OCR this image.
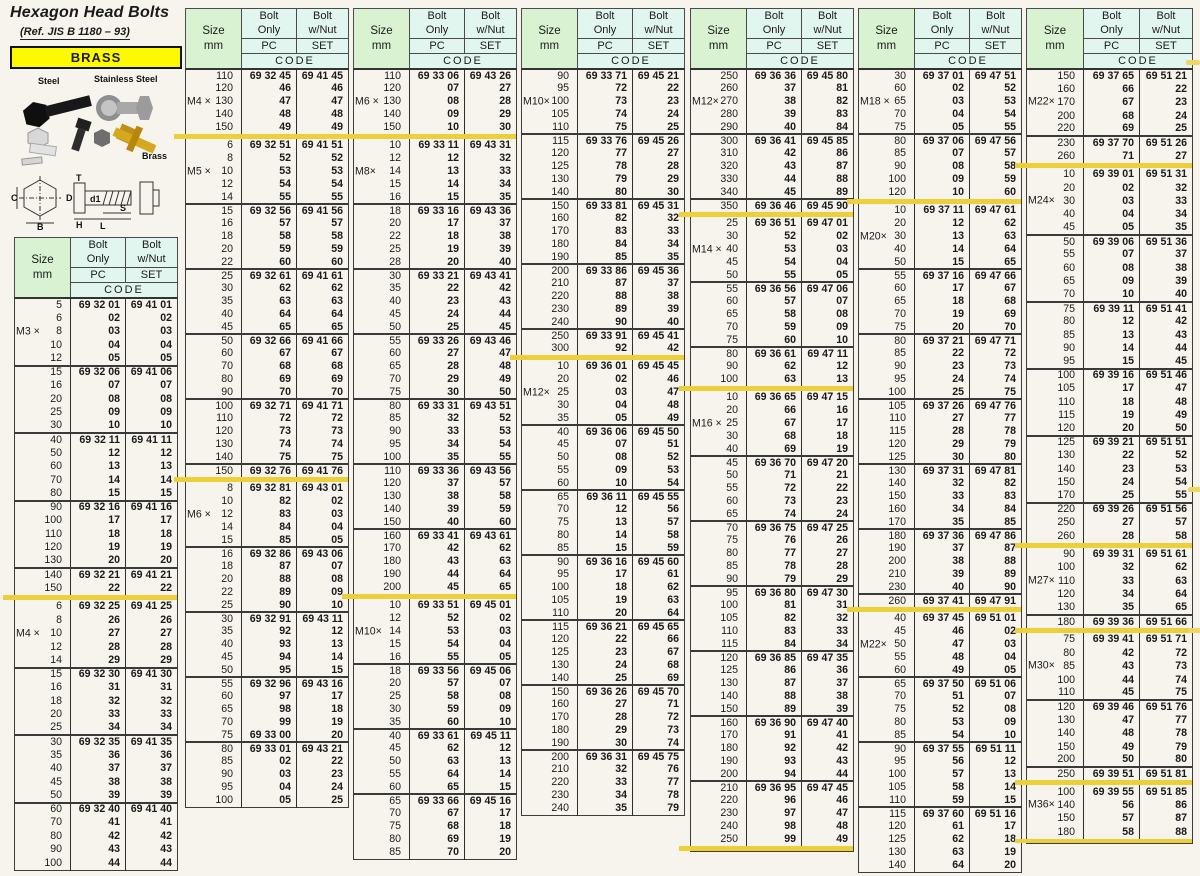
Hexagon Head Bolts
(Ref. JIS B 1180 – 93)
BRASS
Steel	Stainless Steel
Brass
C
B
T
D d1
H L
S
Size
mm	Bolt
Only	Bolt
w/Nut
	PC	SET
	CODE	

5	69 32 01	69 41 01

6	02	02

M3 × 8	03	03

10	04	04

12	05	05

15	69 32 06	69 41 06

16	07	07

20	08	08

25	09	09

30	10	10

40	69 32 11	69 41 11

50	12	12

60	13	13

70	14	14

80	15	15

90	69 32 16	69 41 16

100	17	17

110	18	18

120	19	19

130	20	20

140	69 32 21	69 41 21

150	22	22

6	69 32 25	69 41 25

8	26	26

M4 × 10	27	27

12	28	28

14	29	29

15	69 32 30	69 41 30

16	31	31

18	32	32

20	33	33

25	34	34

30	69 32 35	69 41 35

35	36	36

40	37	37

45	38	38

50	39	39

60	69 32 40	69 41 40

70	41	41

80	42	42

90	43	43

100	44	44
Size
mm	Bolt
Only	Bolt
w/Nut
	PC	SET
	CODE	

110	69 32 45	69 41 45

120	46	46

M4 × 130	47	47

140	48	48

150	49	49

6	69 32 51	69 41 51

8	52	52

M5 × 10	53	53

12	54	54

14	55	55

15	69 32 56	69 41 56

16	57	57

18	58	58

20	59	59

22	60	60

25	69 32 61	69 41 61

30	62	62

35	63	63

40	64	64

45	65	65

50	69 32 66	69 41 66

60	67	67

70	68	68

80	69	69

90	70	70

100	69 32 71	69 41 71

110	72	72

120	73	73

130	74	74

140	75	75

150	69 32 76	69 41 76

8	69 32 81	69 43 01

10	82	02

M6 × 12	83	03

14	84	04

15	85	05

16	69 32 86	69 43 06

18	87	07

20	88	08

22	89	09

25	90	10

30	69 32 91	69 43 11

35	92	12

40	93	13

45	94	14

50	95	15

55	69 32 96	69 43 16

60	97	17

65	98	18

70	99	19

75	69 33 00	20

80	69 33 01	69 43 21

85	02	22

90	03	23

95	04	24

100	05	25
Size
mm	Bolt
Only	Bolt
w/Nut
	PC	SET
	CODE	

110	69 33 06	69 43 26

120	07	27

M6 × 130	08	28

140	09	29

150	10	30

10	69 33 11	69 43 31

12	12	32

M8× 14	13	33

15	14	34

16	15	35

18	69 33 16	69 43 36

20	17	37

22	18	38

25	19	39

28	20	40

30	69 33 21	69 43 41

35	22	42

40	23	43

45	24	44

50	25	45

55	69 33 26	69 43 46

60	27	47

65	28	48

70	29	49

75	30	50

80	69 33 31	69 43 51

85	32	52

90	33	53

95	34	54

100	35	55

110	69 33 36	69 43 56

120	37	57

130	38	58

140	39	59

150	40	60

160	69 33 41	69 43 61

170	42	62

180	43	63

190	44	64

200	45	65

10	69 33 51	69 45 01

12	52	02

M10× 14	53	03

15	54	04

16	55	05

18	69 33 56	69 45 06

20	57	07

25	58	08

30	59	09

35	60	10

40	69 33 61	69 45 11

45	62	12

50	63	13

55	64	14

60	65	15

65	69 33 66	69 45 16

70	67	17

75	68	18

80	69	19

85	70	20
Size
mm	Bolt
Only	Bolt
w/Nut
	PC	SET
	CODE	

90	69 33 71	69 45 21

95	72	22

M10× 100	73	23

105	74	24

110	75	25

115	69 33 76	69 45 26

120	77	27

125	78	28

130	79	29

140	80	30

150	69 33 81	69 45 31

160	82	32

170	83	33

180	84	34

190	85	35

200	69 33 86	69 45 36

210	87	37

220	88	38

230	89	39

240	90	40

250	69 33 91	69 45 41

300	92	42

10	69 36 01	69 45 45

20	02	46

M12× 25	03	47

30	04	48

35	05	49

40	69 36 06	69 45 50

45	07	51

50	08	52

55	09	53

60	10	54

65	69 36 11	69 45 55

70	12	56

75	13	57

80	14	58

85	15	59

90	69 36 16	69 45 60

95	17	61

100	18	62

105	19	63

110	20	64

115	69 36 21	69 45 65

120	22	66

125	23	67

130	24	68

140	25	69

150	69 36 26	69 45 70

160	27	71

170	28	72

180	29	73

190	30	74

200	69 36 31	69 45 75

210	32	76

220	33	77

230	34	78

240	35	79
Size
mm	Bolt
Only	Bolt
w/Nut
	PC	SET
	CODE	

250	69 36 36	69 45 80

260	37	81

M12× 270	38	82

280	39	83

290	40	84

300	69 36 41	69 45 85

310	42	86

320	43	87

330	44	88

340	45	89

350	69 36 46	69 45 90

25	69 36 51	69 47 01

30	52	02

M14 × 40	53	03

45	54	04

50	55	05

55	69 36 56	69 47 06

60	57	07

65	58	08

70	59	09

75	60	10

80	69 36 61	69 47 11

90	62	12

100	63	13

10	69 36 65	69 47 15

20	66	16

M16 × 25	67	17

30	68	18

40	69	19

45	69 36 70	69 47 20

50	71	21

55	72	22

60	73	23

65	74	24

70	69 36 75	69 47 25

75	76	26

80	77	27

85	78	28

90	79	29

95	69 36 80	69 47 30

100	81	31

105	82	32

110	83	33

115	84	34

120	69 36 85	69 47 35

125	86	36

130	87	37

140	88	38

150	89	39

160	69 36 90	69 47 40

170	91	41

180	92	42

190	93	43

200	94	44

210	69 36 95	69 47 45

220	96	46

230	97	47

240	98	48

250	99	49

Size
mm	Bolt
Only	Bolt
w/Nut
	PC	SET
	CODE	

30	69 37 01	69 47 51

60	02	52

M18 × 65	03	53

70	04	54

75	05	55

80	69 37 06	69 47 56

85	07	57

90	08	58

100	09	59

120	10	60

10	69 37 11	69 47 61

20	12	62

M20× 30	13	63

40	14	64

50	15	65

55	69 37 16	69 47 66

60	17	67

65	18	68

70	19	69

75	20	70

80	69 37 21	69 47 71

85	22	72

90	23	73

95	24	74

100	25	75

105	69 37 26	69 47 76

110	27	77

115	28	78

120	29	79

125	30	80

130	69 37 31	69 47 81

140	32	82

150	33	83

160	34	84

170	35	85

180	69 37 36	69 47 86

190	37	87

200	38	88

210	39	89

230	40	90

260	69 37 41	69 47 91

40	69 37 45	69 51 01

45	46	02

M22× 50	47	03

55	48	04

60	49	05

65	69 37 50	69 51 06

70	51	07

75	52	08

80	53	09

85	54	10

90	69 37 55	69 51 11

95	56	12

100	57	13

105	58	14

110	59	15

115	69 37 60	69 51 16

120	61	17

125	62	18

130	63	19

140	64	20
Size
mm	Bolt
Only	Bolt
w/Nut
	PC	SET
	CODE	

150	69 37 65	69 51 21

160	66	22

M22× 170	67	23

200	68	24

220	69	25

230	69 37 70	69 51 26

260	71	27

10	69 39 01	69 51 31

20	02	32

M24× 30	03	33

40	04	34

45	05	35

50	69 39 06	69 51 36

55	07	37

60	08	38

65	09	39

70	10	40

75	69 39 11	69 51 41

80	12	42

85	13	43

90	14	44

95	15	45

100	69 39 16	69 51 46

105	17	47

110	18	48

115	19	49

120	20	50

125	69 39 21	69 51 51

130	22	52

140	23	53

150	24	54

170	25	55

220	69 39 26	69 51 56

250	27	57

260	28	58

90	69 39 31	69 51 61

100	32	62

M27× 110	33	63

120	34	64

130	35	65

180	69 39 36	69 51 66

75	69 39 41	69 51 71

80	42	72

M30× 85	43	73

100	44	74

110	45	75

120	69 39 46	69 51 76

130	47	77

140	48	78

150	49	79

200	50	80

250	69 39 51	69 51 81

100	69 39 55	69 51 85

M36× 140	56	86

150	57	87

180	58	88
